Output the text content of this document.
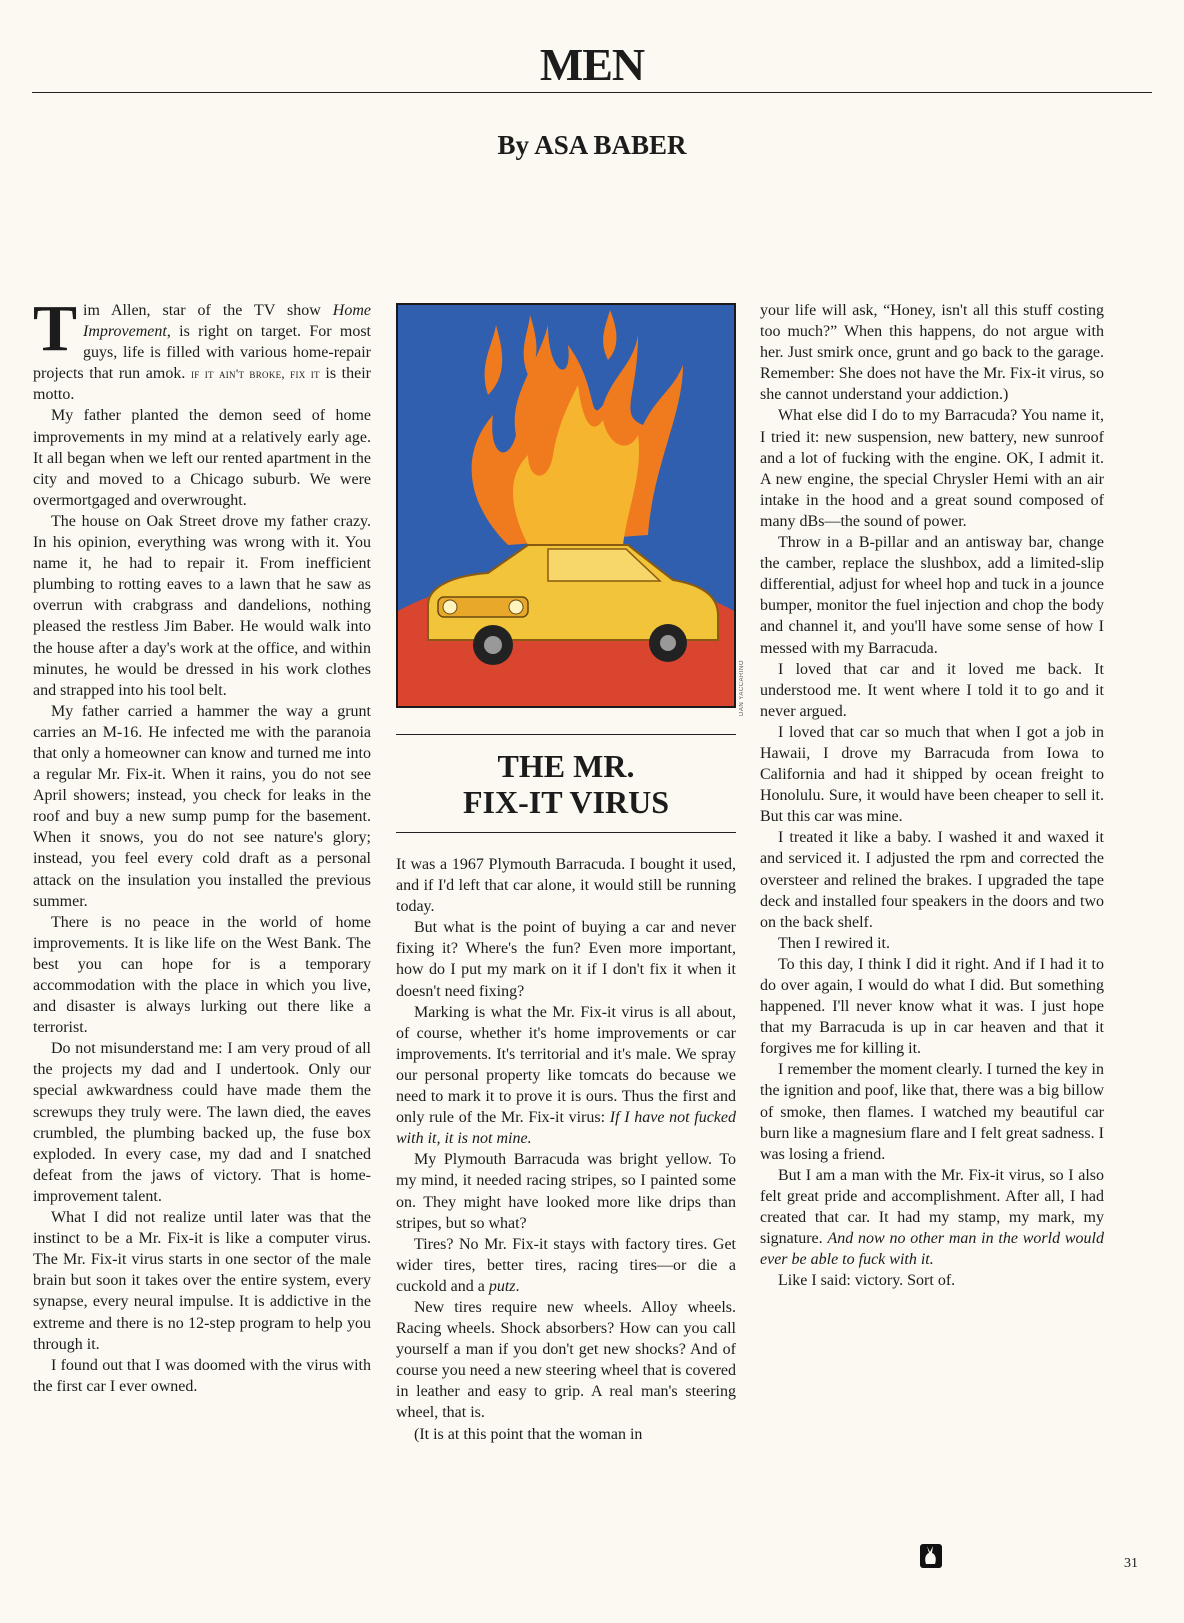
MEN
By ASA BABER

Tim Allen, star of the TV show Home Improvement, is right on target. For most guys, life is filled with various home-repair projects that run amok. if it ain't broke, fix it is their motto.

My father planted the demon seed of home improvements in my mind at a relatively early age. It all began when we left our rented apartment in the city and moved to a Chicago suburb. We were overmortgaged and overwrought.

The house on Oak Street drove my father crazy. In his opinion, everything was wrong with it. You name it, he had to repair it. From inefficient plumbing to rotting eaves to a lawn that he saw as overrun with crabgrass and dandelions, nothing pleased the restless Jim Baber. He would walk into the house after a day's work at the office, and within minutes, he would be dressed in his work clothes and strapped into his tool belt.

My father carried a hammer the way a grunt carries an M-16. He infected me with the paranoia that only a homeowner can know and turned me into a regular Mr. Fix-it. When it rains, you do not see April showers; instead, you check for leaks in the roof and buy a new sump pump for the basement. When it snows, you do not see nature's glory; instead, you feel every cold draft as a personal attack on the insulation you installed the previous summer.

There is no peace in the world of home improvements. It is like life on the West Bank. The best you can hope for is a temporary accommodation with the place in which you live, and disaster is always lurking out there like a terrorist.

Do not misunderstand me: I am very proud of all the projects my dad and I undertook. Only our special awkwardness could have made them the screwups they truly were. The lawn died, the eaves crumbled, the plumbing backed up, the fuse box exploded. In every case, my dad and I snatched defeat from the jaws of victory. That is home-improvement talent.

What I did not realize until later was that the instinct to be a Mr. Fix-it is like a computer virus. The Mr. Fix-it virus starts in one sector of the male brain but soon it takes over the entire system, every synapse, every neural impulse. It is addictive in the extreme and there is no 12-step program to help you through it.

I found out that I was doomed with the virus with the first car I ever owned.

DAN YACCARINO
THE MR.
FIX-IT VIRUS

It was a 1967 Plymouth Barracuda. I bought it used, and if I'd left that car alone, it would still be running today.

But what is the point of buying a car and never fixing it? Where's the fun? Even more important, how do I put my mark on it if I don't fix it when it doesn't need fixing?

Marking is what the Mr. Fix-it virus is all about, of course, whether it's home improvements or car improvements. It's territorial and it's male. We spray our personal property like tomcats do because we need to mark it to prove it is ours. Thus the first and only rule of the Mr. Fix-it virus: If I have not fucked with it, it is not mine.

My Plymouth Barracuda was bright yellow. To my mind, it needed racing stripes, so I painted some on. They might have looked more like drips than stripes, but so what?

Tires? No Mr. Fix-it stays with factory tires. Get wider tires, better tires, racing tires—or die a cuckold and a putz.

New tires require new wheels. Alloy wheels. Racing wheels. Shock absorbers? How can you call yourself a man if you don't get new shocks? And of course you need a new steering wheel that is covered in leather and easy to grip. A real man's steering wheel, that is.

(It is at this point that the woman in

your life will ask, “Honey, isn't all this stuff costing too much?” When this happens, do not argue with her. Just smirk once, grunt and go back to the garage. Remember: She does not have the Mr. Fix-it virus, so she cannot understand your addiction.)

What else did I do to my Barracuda? You name it, I tried it: new suspension, new battery, new sunroof and a lot of fucking with the engine. OK, I admit it. A new engine, the special Chrysler Hemi with an air intake in the hood and a great sound composed of many dBs—the sound of power.

Throw in a B-pillar and an antisway bar, change the camber, replace the slushbox, add a limited-slip differential, adjust for wheel hop and tuck in a jounce bumper, monitor the fuel injection and chop the body and channel it, and you'll have some sense of how I messed with my Barracuda.

I loved that car and it loved me back. It understood me. It went where I told it to go and it never argued.

I loved that car so much that when I got a job in Hawaii, I drove my Barracuda from Iowa to California and had it shipped by ocean freight to Honolulu. Sure, it would have been cheaper to sell it. But this car was mine.

I treated it like a baby. I washed it and waxed it and serviced it. I adjusted the rpm and corrected the oversteer and relined the brakes. I upgraded the tape deck and installed four speakers in the doors and two on the back shelf.

Then I rewired it.

To this day, I think I did it right. And if I had it to do over again, I would do what I did. But something happened. I'll never know what it was. I just hope that my Barracuda is up in car heaven and that it forgives me for killing it.

I remember the moment clearly. I turned the key in the ignition and poof, like that, there was a big billow of smoke, then flames. I watched my beautiful car burn like a magnesium flare and I felt great sadness. I was losing a friend.

But I am a man with the Mr. Fix-it virus, so I also felt great pride and accomplishment. After all, I had created that car. It had my stamp, my mark, my signature. And now no other man in the world would ever be able to fuck with it.

Like I said: victory. Sort of.

31
